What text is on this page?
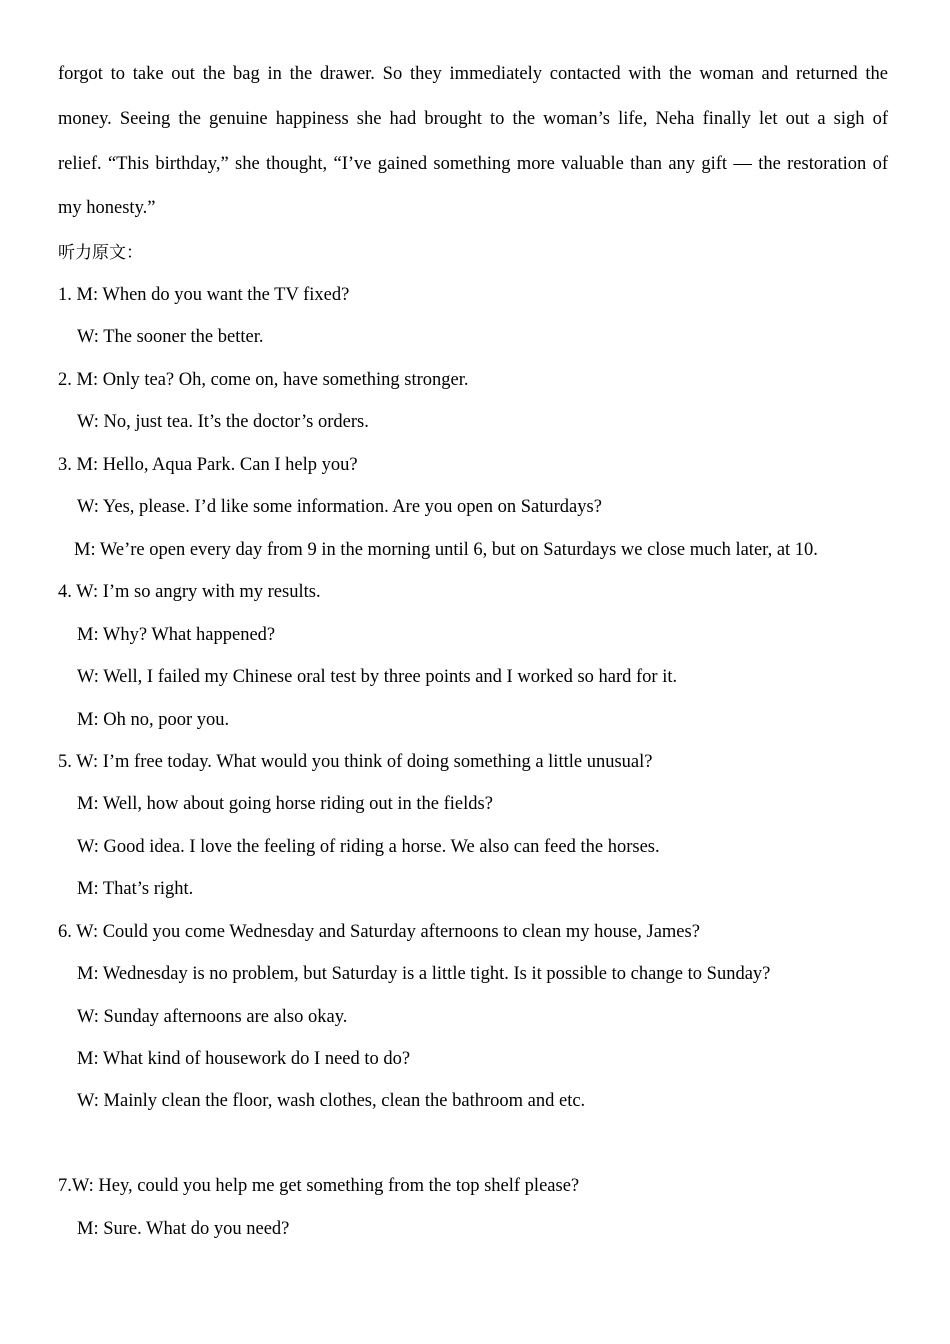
forgot to take out the bag in the drawer. So they immediately contacted with the woman and returned the
money. Seeing the genuine happiness she had brought to the woman’s life, Neha finally let out a sigh of
relief. “This birthday,” she thought, “I’ve gained something more valuable than any gift — the restoration of
my honesty.”
听力原文：
1. M: When do you want the TV fixed?
W: The sooner the better.
2. M: Only tea? Oh, come on, have something stronger.
W: No, just tea. It’s the doctor’s orders.
3. M: Hello, Aqua Park. Can I help you?
W: Yes, please. I’d like some information. Are you open on Saturdays?
M: We’re open every day from 9 in the morning until 6, but on Saturdays we close much later, at 10.
4. W: I’m so angry with my results.
M: Why? What happened?
W: Well, I failed my Chinese oral test by three points and I worked so hard for it.
M: Oh no, poor you.
5. W: I’m free today. What would you think of doing something a little unusual?
M: Well, how about going horse riding out in the fields?
W: Good idea. I love the feeling of riding a horse. We also can feed the horses.
M: That’s right.
6. W: Could you come Wednesday and Saturday afternoons to clean my house, James?
M: Wednesday is no problem, but Saturday is a little tight. Is it possible to change to Sunday?
W: Sunday afternoons are also okay.
M: What kind of housework do I need to do?
W: Mainly clean the floor, wash clothes, clean the bathroom and etc.
7.W: Hey, could you help me get something from the top shelf please?
M: Sure. What do you need?
